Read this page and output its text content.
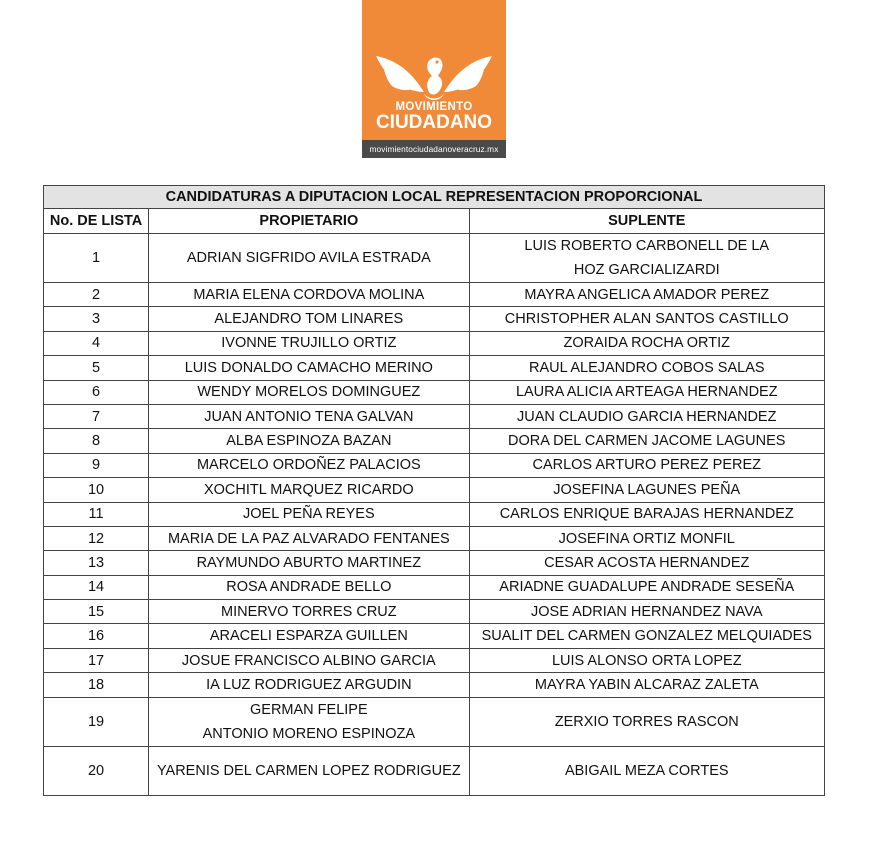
MOVIMIENTO
CIUDADANO
movimientociudadanoveracruz.mx
CANDIDATURAS A DIPUTACION LOCAL REPRESENTACION PROPORCIONAL		
No. DE LISTA	PROPIETARIO	SUPLENTE
1	ADRIAN SIGFRIDO AVILA ESTRADA	LUIS ROBERTO CARBONELL DE LA
HOZ GARCIALIZARDI

2	MARIA ELENA CORDOVA MOLINA	MAYRA ANGELICA AMADOR PEREZ

3	ALEJANDRO TOM LINARES	CHRISTOPHER ALAN SANTOS CASTILLO

4	IVONNE TRUJILLO ORTIZ	ZORAIDA ROCHA ORTIZ

5	LUIS DONALDO CAMACHO MERINO	RAUL ALEJANDRO COBOS SALAS

6	WENDY MORELOS DOMINGUEZ	LAURA ALICIA ARTEAGA HERNANDEZ

7	JUAN ANTONIO TENA GALVAN	JUAN CLAUDIO GARCIA HERNANDEZ

8	ALBA ESPINOZA BAZAN	DORA DEL CARMEN JACOME LAGUNES

9	MARCELO ORDOÑEZ PALACIOS	CARLOS ARTURO PEREZ PEREZ

10	XOCHITL MARQUEZ RICARDO	JOSEFINA LAGUNES PEÑA

11	JOEL PEÑA REYES	CARLOS ENRIQUE BARAJAS HERNANDEZ

12	MARIA DE LA PAZ ALVARADO FENTANES	JOSEFINA ORTIZ MONFIL

13	RAYMUNDO ABURTO MARTINEZ	CESAR ACOSTA HERNANDEZ

14	ROSA ANDRADE BELLO	ARIADNE GUADALUPE ANDRADE SESEÑA

15	MINERVO TORRES CRUZ	JOSE ADRIAN HERNANDEZ NAVA

16	ARACELI ESPARZA GUILLEN	SUALIT DEL CARMEN GONZALEZ MELQUIADES

17	JOSUE FRANCISCO ALBINO GARCIA	LUIS ALONSO ORTA LOPEZ

18	IA LUZ RODRIGUEZ ARGUDIN	MAYRA YABIN ALCARAZ ZALETA

19	GERMAN FELIPE
ANTONIO MORENO ESPINOZA	ZERXIO TORRES RASCON

20	YARENIS DEL CARMEN LOPEZ RODRIGUEZ	ABIGAIL MEZA CORTES
